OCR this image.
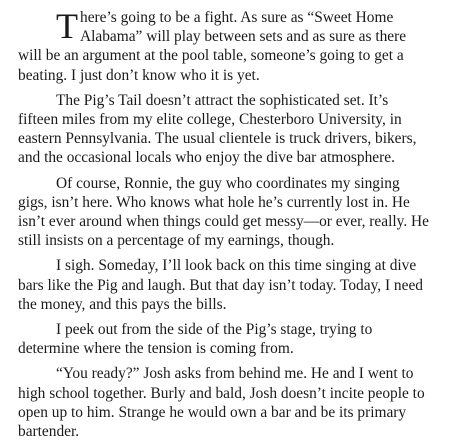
There’s going to be a fight. As sure as “Sweet Home Alabama” will play between sets and as sure as there will be an argument at the pool table, someone’s going to get a beating. I just don’t know who it is yet.

The Pig’s Tail doesn’t attract the sophisticated set. It’s fifteen miles from my elite college, Chesterboro University, in eastern Pennsylvania. The usual clientele is truck drivers, bikers, and the occasional locals who enjoy the dive bar atmosphere.

Of course, Ronnie, the guy who coordinates my singing gigs, isn’t here. Who knows what hole he’s currently lost in. He isn’t ever around when things could get messy—or ever, really. He still insists on a percentage of my earnings, though.

I sigh. Someday, I’ll look back on this time singing at dive bars like the Pig and laugh. But that day isn’t today. Today, I need the money, and this pays the bills.

I peek out from the side of the Pig’s stage, trying to determine where the tension is coming from.

“You ready?” Josh asks from behind me. He and I went to high school together. Burly and bald, Josh doesn’t incite people to open up to him. Strange he would own a bar and be its primary bartender.
